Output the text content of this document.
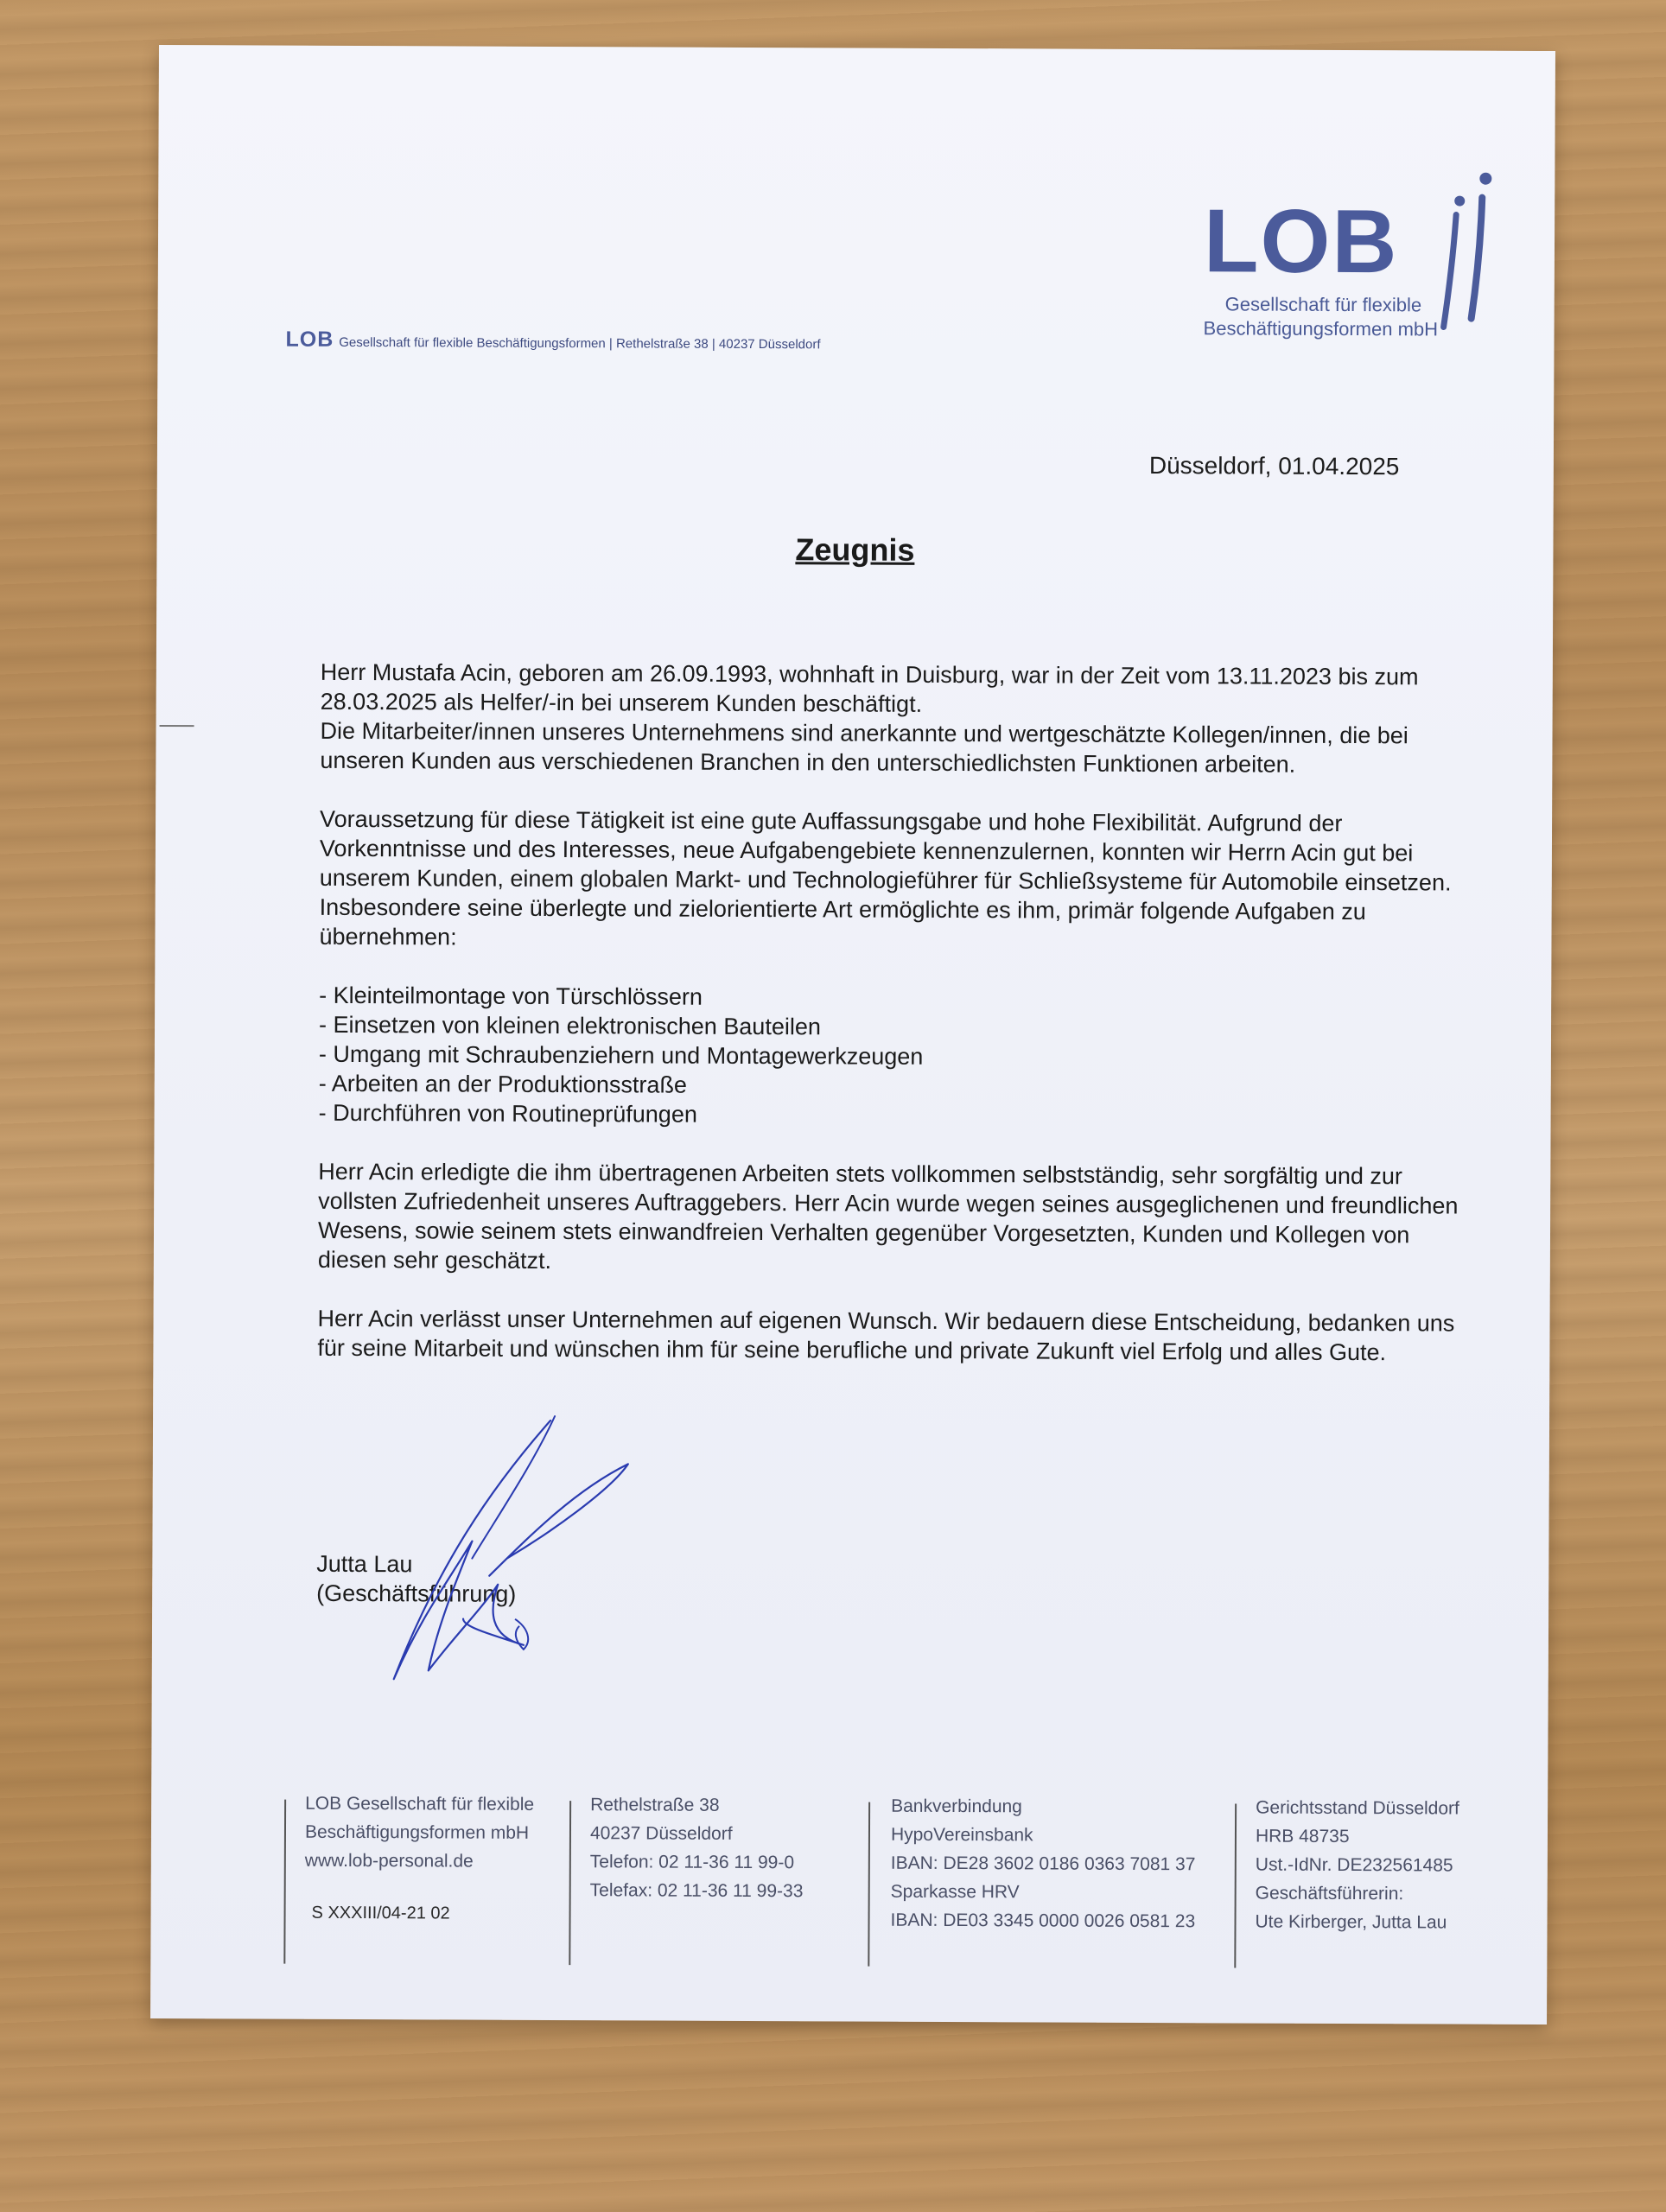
LOB
Gesellschaft für flexible
Beschäftigungsformen mbH
LOB Gesellschaft für flexible Beschäftigungsformen | Rethelstraße 38 | 40237 Düsseldorf
Düsseldorf, 01.04.2025
Zeugnis

Herr Mustafa Acin, geboren am 26.09.1993, wohnhaft in Duisburg, war in der Zeit vom 13.11.2023 bis zum 28.03.2025 als Helfer/-in bei unserem Kunden beschäftigt.
Die Mitarbeiter/innen unseres Unternehmens sind anerkannte und wertgeschätzte Kollegen/innen, die bei unseren Kunden aus verschiedenen Branchen in den unterschiedlichsten Funktionen arbeiten.

Voraussetzung für diese Tätigkeit ist eine gute Auffassungsgabe und hohe Flexibilität. Aufgrund der Vorkenntnisse und des Interesses, neue Aufgabengebiete kennenzulernen, konnten wir Herrn Acin gut bei unserem Kunden, einem globalen Markt- und Technologieführer für Schließsysteme für Automobile einsetzen. Insbesondere seine überlegte und zielorientierte Art ermöglichte es ihm, primär folgende Aufgaben zu übernehmen:

- Kleinteilmontage von Türschlössern
- Einsetzen von kleinen elektronischen Bauteilen
- Umgang mit Schraubenziehern und Montagewerkzeugen
- Arbeiten an der Produktionsstraße
- Durchführen von Routineprüfungen

Herr Acin erledigte die ihm übertragenen Arbeiten stets vollkommen selbstständig, sehr sorgfältig und zur vollsten Zufriedenheit unseres Auftraggebers. Herr Acin wurde wegen seines ausgeglichenen und freundlichen Wesens, sowie seinem stets einwandfreien Verhalten gegenüber Vorgesetzten, Kunden und Kollegen von diesen sehr geschätzt.

Herr Acin verlässt unser Unternehmen auf eigenen Wunsch. Wir bedauern diese Entscheidung, bedanken uns für seine Mitarbeit und wünschen ihm für seine berufliche und private Zukunft viel Erfolg und alles Gute.

Jutta Lau
(Geschäftsführung)
LOB Gesellschaft für flexible
Beschäftigungsformen mbH
www.lob-personal.de
S XXXIII/04-21 02
Rethelstraße 38
40237 Düsseldorf
Telefon: 02 11-36 11 99-0
Telefax: 02 11-36 11 99-33
Bankverbindung
HypoVereinsbank
IBAN: DE28 3602 0186 0363 7081 37
Sparkasse HRV
IBAN: DE03 3345 0000 0026 0581 23
Gerichtsstand Düsseldorf
HRB 48735
Ust.-IdNr. DE232561485
Geschäftsführerin:
Ute Kirberger, Jutta Lau
